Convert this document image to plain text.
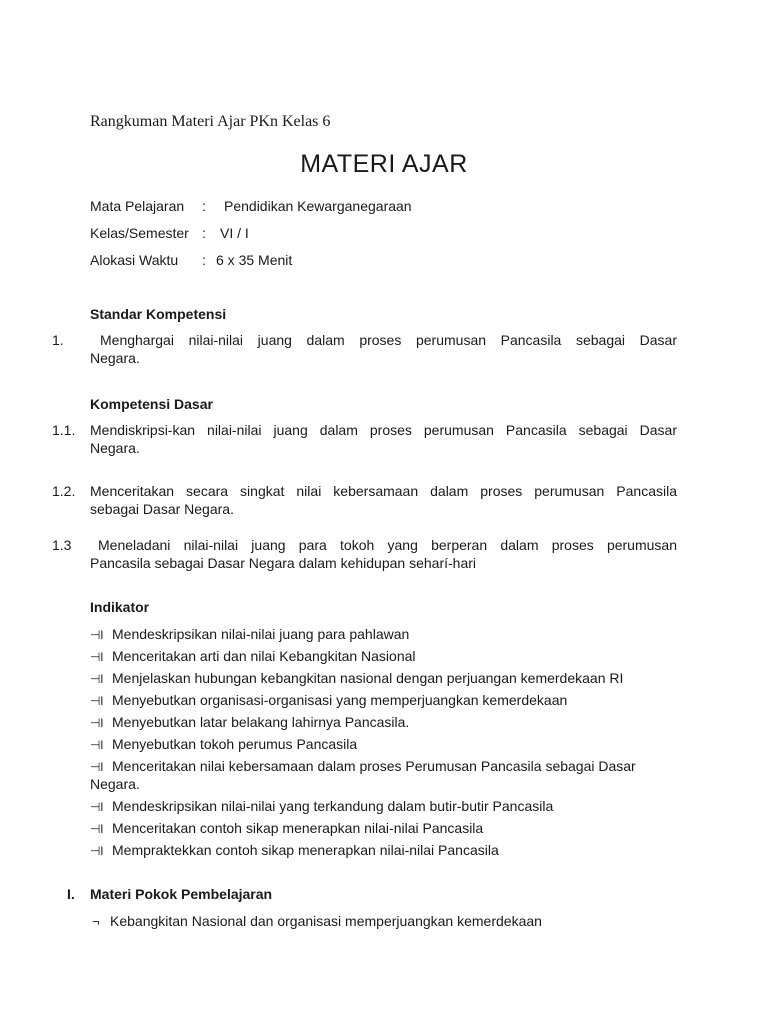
Rangkuman Materi Ajar PKn Kelas 6
MATERI AJAR
Mata Pelajaran : Pendidikan Kewarganegaraan
Kelas/Semester : VI / I
Alokasi Waktu : 6 x 35 Menit
Standar Kompetensi
1.	Menghargai nilai-nilai juang dalam proses perumusan Pancasila sebagai Dasar
Negara.
Kompetensi Dasar
1.1. Mendiskripsi-kan nilai-nilai juang dalam proses perumusan Pancasila sebagai Dasar
Negara.
1.2. Menceritakan secara singkat nilai kebersamaan dalam proses perumusan Pancasila
sebagai Dasar Negara.
1.3	Meneladani nilai-nilai juang para tokoh yang berperan dalam proses perumusan
Pancasila sebagai Dasar Negara dalam kehidupan seharí-hari
Indikator
⊣l Mendeskripsikan nilai-nilai juang para pahlawan
⊣l Menceritakan arti dan nilai Kebangkitan Nasional
⊣l Menjelaskan hubungan kebangkitan nasional dengan perjuangan kemerdekaan RI
⊣l Menyebutkan organisasi-organisasi yang memperjuangkan kemerdekaan
⊣l Menyebutkan latar belakang lahirnya Pancasila.
⊣l Menyebutkan tokoh perumus Pancasila
⊣l Menceritakan nilai kebersamaan dalam proses Perumusan Pancasila sebagai Dasar
Negara.
⊣l Mendeskripsikan nilai-nilai yang terkandung dalam butir-butir Pancasila
⊣l Menceritakan contoh sikap menerapkan nilai-nilai Pancasila
⊣l Mempraktekkan contoh sikap menerapkan nilai-nilai Pancasila
I. Materi Pokok Pembelajaran
¬ Kebangkitan Nasional dan organisasi memperjuangkan kemerdekaan
